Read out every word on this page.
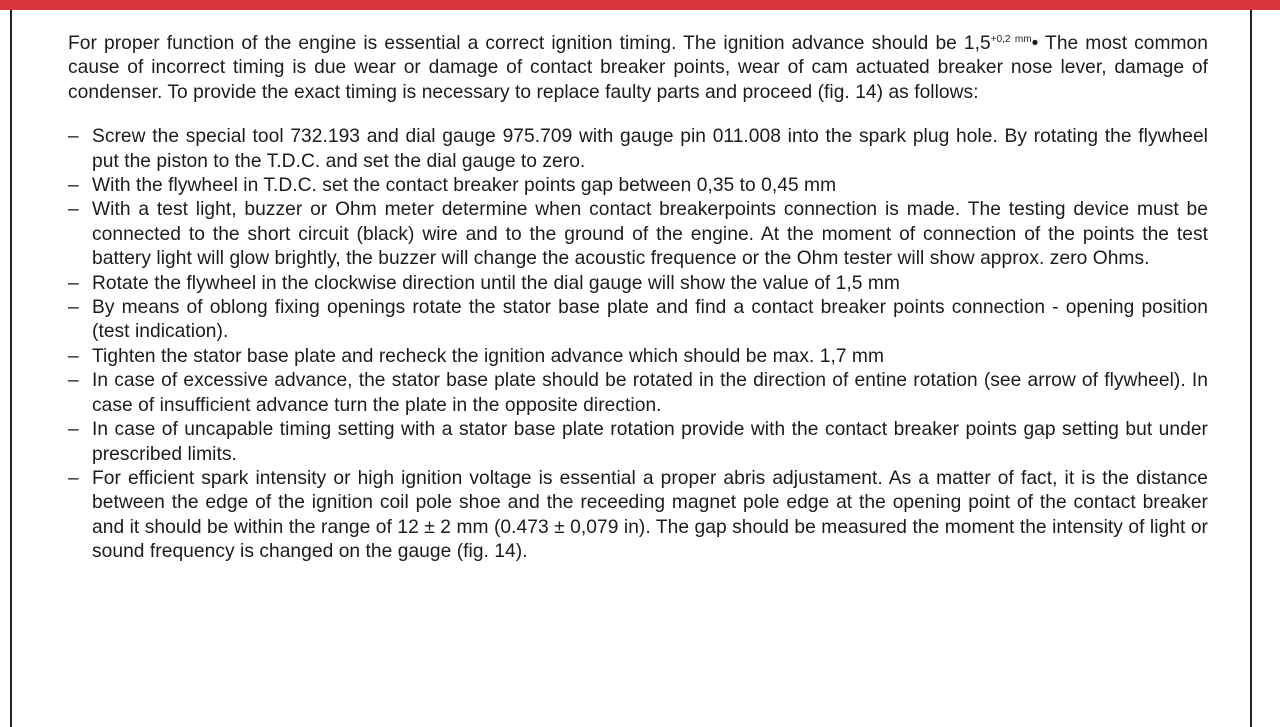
For proper function of the engine is essential a correct ignition timing. The ignition advance should be $1,5^{+0,2 mm}•$ The most common cause of incorrect timing is due wear or damage of contact breaker points, wear of cam actuated breaker nose lever, damage of condenser. To provide the exact timing is necessary to replace faulty parts and proceed (fig. 14) as follows:

– Screw the special tool 732.193 and dial gauge 975.709 with gauge pin 011.008 into the spark plug hole. By rotating the flywheel put the piston to the T.D.C. and set the dial gauge to zero.
– With the flywheel in T.D.C. set the contact breaker points gap between 0,35 to 0,45 mm
– With a test light, buzzer or Ohm meter determine when contact breakerpoints connection is made. The testing device must be connected to the short circuit (black) wire and to the ground of the engine. At the moment of connection of the points the test battery light will glow brightly, the buzzer will change the acoustic frequence or the Ohm tester will show approx. zero Ohms.
– Rotate the flywheel in the clockwise direction until the dial gauge will show the value of 1,5 mm
– By means of oblong fixing openings rotate the stator base plate and find a contact breaker points connection - opening position (test indication).
– Tighten the stator base plate and recheck the ignition advance which should be max. 1,7 mm
– In case of excessive advance, the stator base plate should be rotated in the direction of entine rotation (see arrow of flywheel). In case of insufficient advance turn the plate in the opposite direction.
– In case of uncapable timing setting with a stator base plate rotation provide with the contact breaker points gap setting but under prescribed limits.
– For efficient spark intensity or high ignition voltage is essential a proper abris adjustament. As a matter of fact, it is the distance between the edge of the ignition coil pole shoe and the receeding magnet pole edge at the opening point of the contact breaker and it should be within the range of 12 ± 2 mm (0.473 ± 0,079 in). The gap should be measured the moment the intensity of light or sound frequency is changed on the gauge (fig. 14).
